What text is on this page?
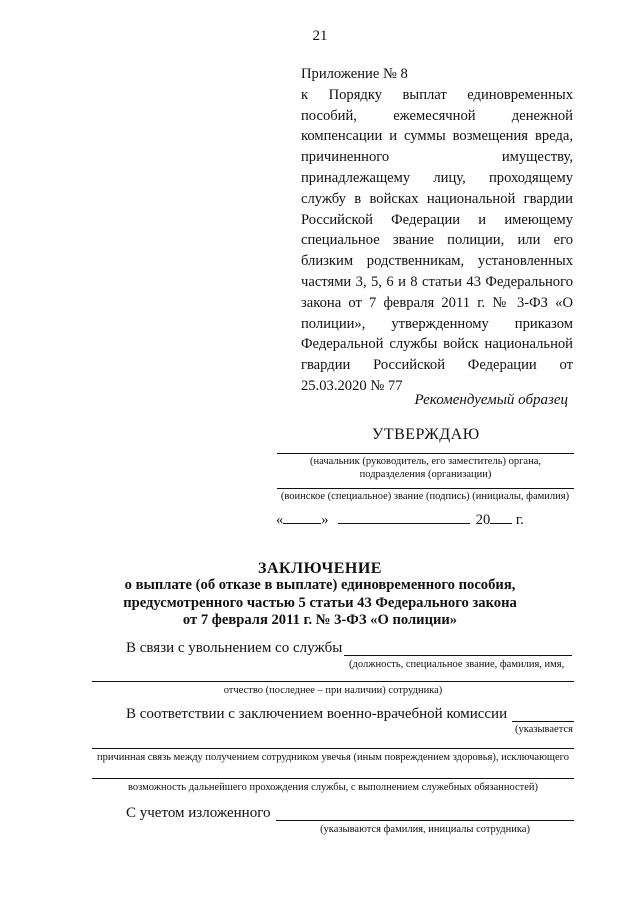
21
Приложение № 8
к Порядку выплат единовременных пособий, ежемесячной денежной компенсации и суммы возмещения вреда, причиненного имуществу, принадлежащему лицу, проходящему службу в войсках национальной гвардии Российской Федерации и имеющему специальное звание полиции, или его близким родственникам, установленных частями 3, 5, 6 и 8 статьи 43 Федерального закона от 7 февраля 2011 г. № 3-ФЗ «О полиции», утвержденному приказом Федеральной службы войск национальной гвардии Российской Федерации от 25.03.2020 № 77
Рекомендуемый образец
УТВЕРЖДАЮ
(начальник (руководитель, его заместитель) органа,
подразделения (организации)
(воинское (специальное) звание (подпись) (инициалы, фамилия)
«	»	20 г.
ЗАКЛЮЧЕНИЕ
о выплате (об отказе в выплате) единовременного пособия,
предусмотренного частью 5 статьи 43 Федерального закона
от 7 февраля 2011 г. № 3-ФЗ «О полиции»
В связи с увольнением со службы
(должность, специальное звание, фамилия, имя,
отчество (последнее – при наличии) сотрудника)
В соответствии с заключением военно-врачебной комиссии
(указывается
причинная связь между получением сотрудником увечья (иным повреждением здоровья), исключающего
возможность дальнейшего прохождения службы, с выполнением служебных обязанностей)
С учетом изложенного
(указываются фамилия, инициалы сотрудника)
